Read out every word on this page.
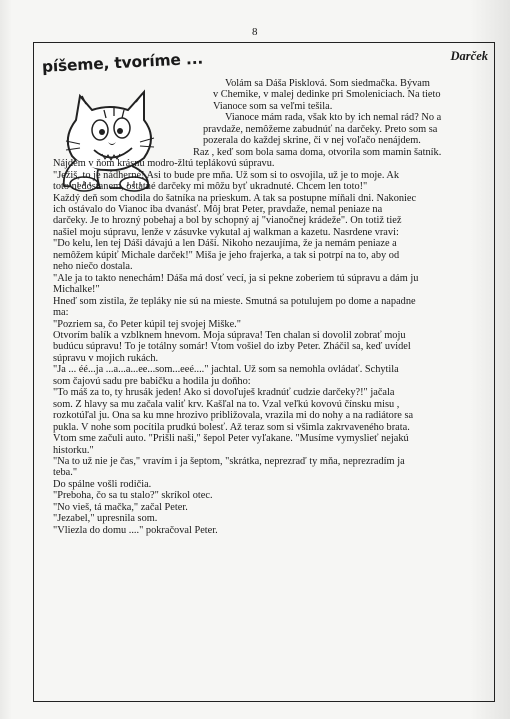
8
píšeme, tvoríme ...	Darček

Volám sa Dáša Pisklová. Som siedmačka. Bývam

v Chemike, v malej dedinke pri Smoleniciach. Na tieto

Vianoce som sa veľmi tešila.

Vianoce mám rada, však kto by ich nemal rád? No a

pravdaže, nemôžeme zabudnúť na darčeky. Preto som sa

pozerala do každej skrine, či v nej voľačo nenájdem.

Raz , keď som bola sama doma, otvorila som mamin šatník.

Nájdem v ňom krásnu modro-žltú teplákovú súpravu.

"Ježiš, to je nádherné! Asi to bude pre mňa. Už som si to osvojila, už je to moje. Ak

toto nedostanem, ostatné darčeky mi môžu byť ukradnuté. Chcem len toto!"

Každý deň som chodila do šatníka na prieskum. A tak sa postupne míňali dni. Nakoniec

ich ostávalo do Vianoc iba dvanásť. Môj brat Peter, pravdaže, nemal peniaze na

darčeky. Je to hrozný pobehaj a bol by schopný aj "vianočnej krádeže". On totiž tiež

našiel moju súpravu, lenže v zásuvke vykutal aj walkman a kazetu. Nasrdene vravi:

"Do kelu, len tej Dáši dávajú a len Dáši. Nikoho nezaujíma, že ja nemám peniaze a

nemôžem kúpiť Michale darček!" Miša je jeho frajerka, a tak si potrpí na to, aby od

neho niečo dostala.

"Ale ja to takto nenechám! Dáša má dosť vecí, ja si pekne zoberiem tú súpravu a dám ju

Michalke!"

Hneď som zistila, že tepláky nie sú na mieste. Smutná sa potulujem po dome a napadne

ma:

"Pozriem sa, čo Peter kúpil tej svojej Miške."

Otvorím balík a vzblknem hnevom. Moja súprava! Ten chalan si dovolil zobrať moju

budúcu súpravu! To je totálny somár! Vtom vošiel do izby Peter. Zháčil sa, keď uvidel

súpravu v mojich rukách.

"Ja ... éé...ja ...a...a...ee...som...eeé...." jachtal. Už som sa nemohla ovládať. Schytila

som čajovú sadu pre babičku a hodila ju doňho:

"To máš za to, ty hrusák jeden! Ako si dovoľuješ kradnúť cudzie darčeky?!" jačala

som. Z hlavy sa mu začala valiť krv. Kašľal na to. Vzal veľkú kovovú čínsku misu ,

rozkotúľal ju. Ona sa ku mne hrozivo približovala, vrazila mi do nohy a na radiátore sa

pukla. V nohe som pocítila prudkú bolesť. Až teraz som si všimla zakrvaveného brata.

Vtom sme začuli auto. "Prišli naši," šepol Peter vyľakane. "Musíme vymyslieť nejakú

historku."

"Na to už nie je čas," vravím i ja šeptom, "skrátka, neprezraď ty mňa, neprezradím ja

teba."

Do spálne vošli rodičia.

"Preboha, čo sa tu stalo?" skríkol otec.

"No vieš, tá mačka," začal Peter.

"Jezabel," upresnila som.

"Vliezla do domu ...." pokračoval Peter.
